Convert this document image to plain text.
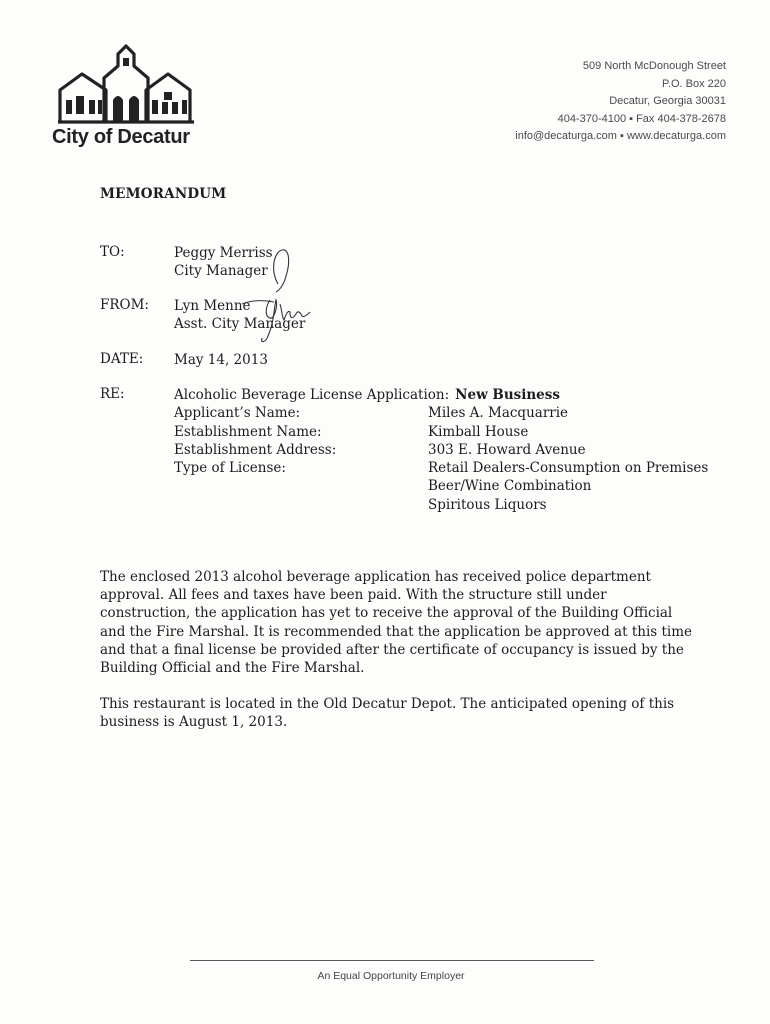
City of Decatur
509 North McDonough Street
P.O. Box 220
Decatur, Georgia 30031
404-370-4100 ▪ Fax 404-378-2678
info@decaturga.com ▪ www.decaturga.com
MEMORANDUM
TO:	Peggy Merriss
City Manager
FROM: Lyn Menne
Asst. City Manager
DATE: May 14, 2013
RE:	Alcoholic Beverage License Application: New Business
Applicant’s Name:	Miles A. Macquarrie
Establishment Name:	Kimball House
Establishment Address:	303 E. Howard Avenue
Type of License:	Retail Dealers-Consumption on Premises
Beer/Wine Combination
Spiritous Liquors

The enclosed 2013 alcohol beverage application has received police department approval. All fees and taxes have been paid. With the structure still under construction, the application has yet to receive the approval of the Building Official and the Fire Marshal. It is recommended that the application be approved at this time and that a final license be provided after the certificate of occupancy is issued by the Building Official and the Fire Marshal.

This restaurant is located in the Old Decatur Depot. The anticipated opening of this business is August 1, 2013.

An Equal Opportunity Employer
